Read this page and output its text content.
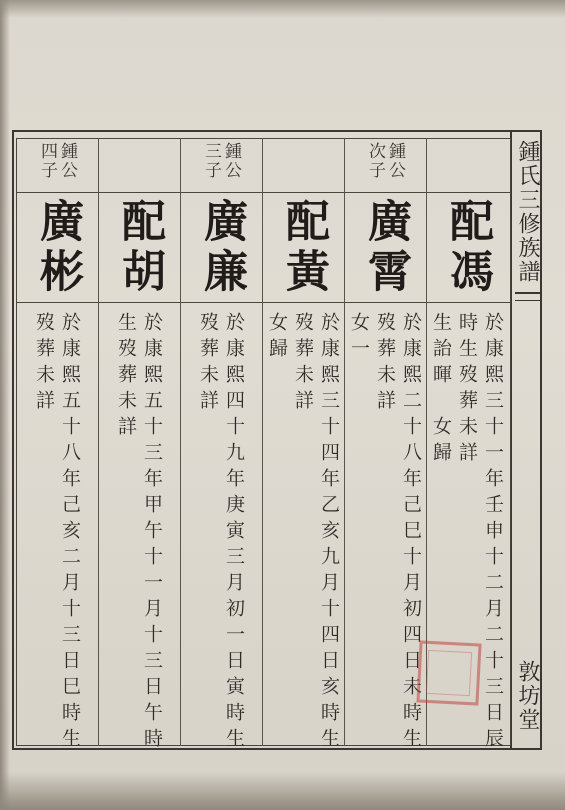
鍾氏三修族譜
敦坊堂
鍾公
次子
廣霄
於康熙二十八年己巳十月初四日未時生
歿葬未詳
女一
配馮
於康熙三十一年壬申十二月二十三日辰
時生歿葬未詳
生詒暉　女歸
配黃
於康熙三十四年乙亥九月十四日亥時生
歿葬未詳
女歸
鍾公
三子
廣廉
於康熙四十九年庚寅三月初一日寅時生
歿葬未詳
配胡
於康熙五十三年甲午十一月十三日午時
生歿葬未詳
鍾公
四子
廣彬
於康熙五十八年己亥二月十三日巳時生
歿葬未詳
